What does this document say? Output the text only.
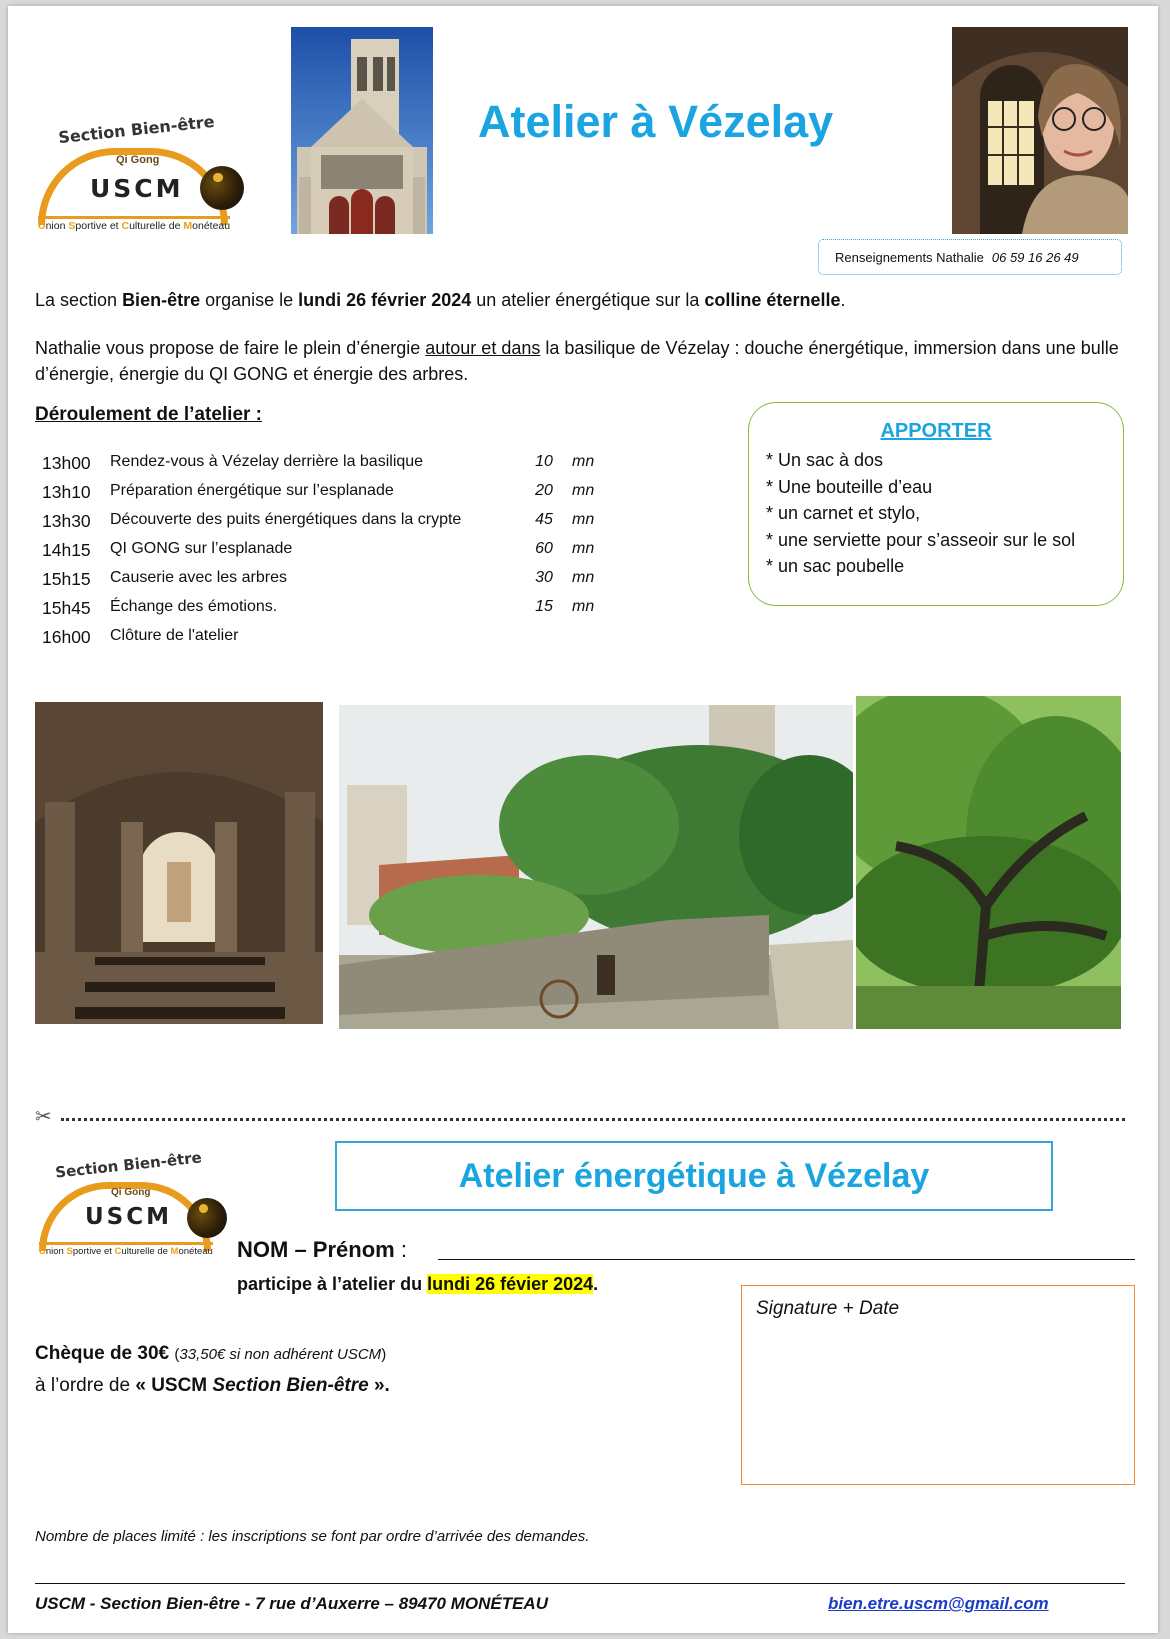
Section Bien-être
Qi Gong
USCM
Union Sportive et Culturelle de Monéteau
Atelier à Vézelay
Renseignements Nathalie 06 59 16 26 49

La section Bien-être organise le lundi 26 février 2024 un atelier énergétique sur la colline éternelle.

Nathalie vous propose de faire le plein d’énergie autour et dans la basilique de Vézelay : douche énergétique, immersion dans une bulle d’énergie, énergie du QI GONG et énergie des arbres.

Déroulement de l’atelier :
13h00 Rendez-vous à Vézelay derrière la basilique	10 mn
13h10 Préparation énergétique sur l’esplanade	20 mn
13h30 Découverte des puits énergétiques dans la crypte	45 mn
14h15 QI GONG sur l’esplanade	60 mn
15h15 Causerie avec les arbres	30 mn
15h45 Échange des émotions.	15 mn
16h00 Clôture de l'atelier
APPORTER
* Un sac à dos
* Une bouteille d’eau
* un carnet et stylo,
* une serviette pour s’asseoir sur le sol
* un sac poubelle
✂
Section Bien-être
Qi Gong
USCM
Union Sportive et Culturelle de Monéteau
Atelier énergétique à Vézelay
NOM – Prénom :
participe à l’atelier du lundi 26 févier 2024.
Signature + Date
Chèque de 30€ (33,50€ si non adhérent USCM)
à l’ordre de « USCM Section Bien-être ».
Nombre de places limité : les inscriptions se font par ordre d’arrivée des demandes.
USCM - Section Bien-être - 7 rue d’Auxerre – 89470 MONÉTEAU	bien.etre.uscm@gmail.com
